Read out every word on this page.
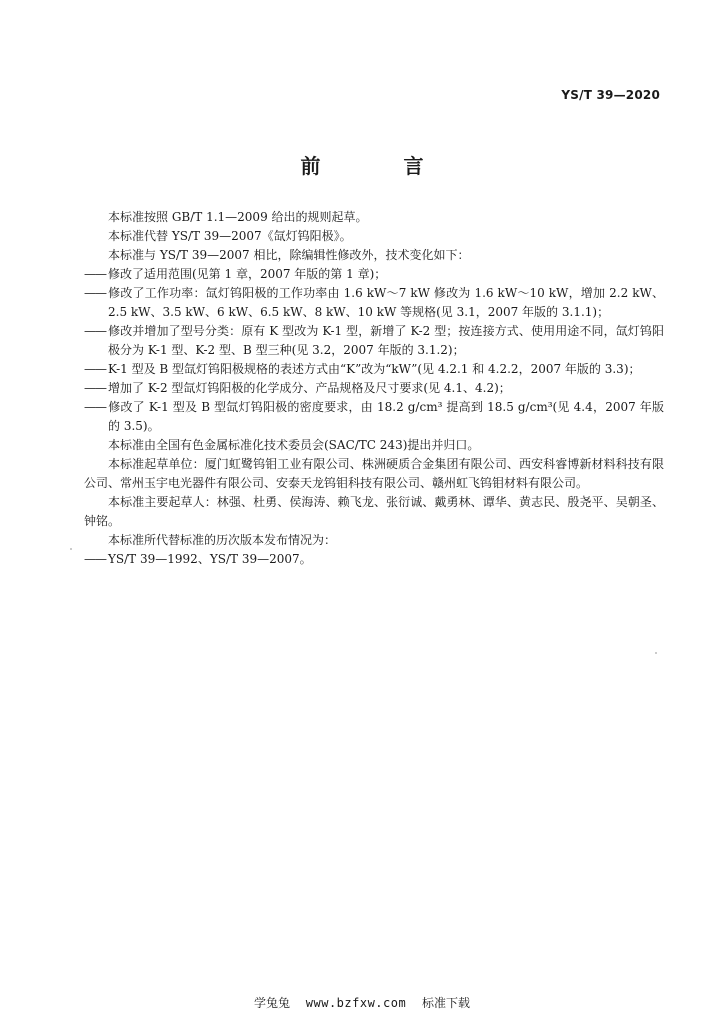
YS/T 39—2020
前 言

本标准按照 GB/T 1.1—2009 给出的规则起草。

本标准代替 YS/T 39—2007《氙灯钨阳极》。

本标准与 YS/T 39—2007 相比，除编辑性修改外，技术变化如下：

—— 修改了适用范围(见第 1 章，2007 年版的第 1 章)；

—— 修改了工作功率：氙灯钨阳极的工作功率由 1.6 kW～7 kW 修改为 1.6 kW～10 kW，增加 2.2 kW、2.5 kW、3.5 kW、6 kW、6.5 kW、8 kW、10 kW 等规格(见 3.1，2007 年版的 3.1.1)；

—— 修改并增加了型号分类：原有 K 型改为 K-1 型，新增了 K-2 型；按连接方式、使用用途不同，氙灯钨阳极分为 K-1 型、K-2 型、B 型三种(见 3.2，2007 年版的 3.1.2)；

—— K-1 型及 B 型氙灯钨阳极规格的表述方式由“K”改为“kW”(见 4.2.1 和 4.2.2，2007 年版的 3.3)；

—— 增加了 K-2 型氙灯钨阳极的化学成分、产品规格及尺寸要求(见 4.1、4.2)；

—— 修改了 K-1 型及 B 型氙灯钨阳极的密度要求，由 18.2 g/cm³ 提高到 18.5 g/cm³(见 4.4，2007 年版的 3.5)。

本标准由全国有色金属标准化技术委员会(SAC/TC 243)提出并归口。

本标准起草单位：厦门虹鹭钨钼工业有限公司、株洲硬质合金集团有限公司、西安科睿博新材料科技有限公司、常州玉宇电光器件有限公司、安泰天龙钨钼科技有限公司、赣州虹飞钨钼材料有限公司。

本标准主要起草人：林强、杜勇、侯海涛、赖飞龙、张衍诚、戴勇林、谭华、黄志民、殷尧平、吴朝圣、钟铭。

本标准所代替标准的历次版本发布情况为：

—— YS/T 39—1992、YS/T 39—2007。

学兔兔 www.bzfxw.com 标准下载
